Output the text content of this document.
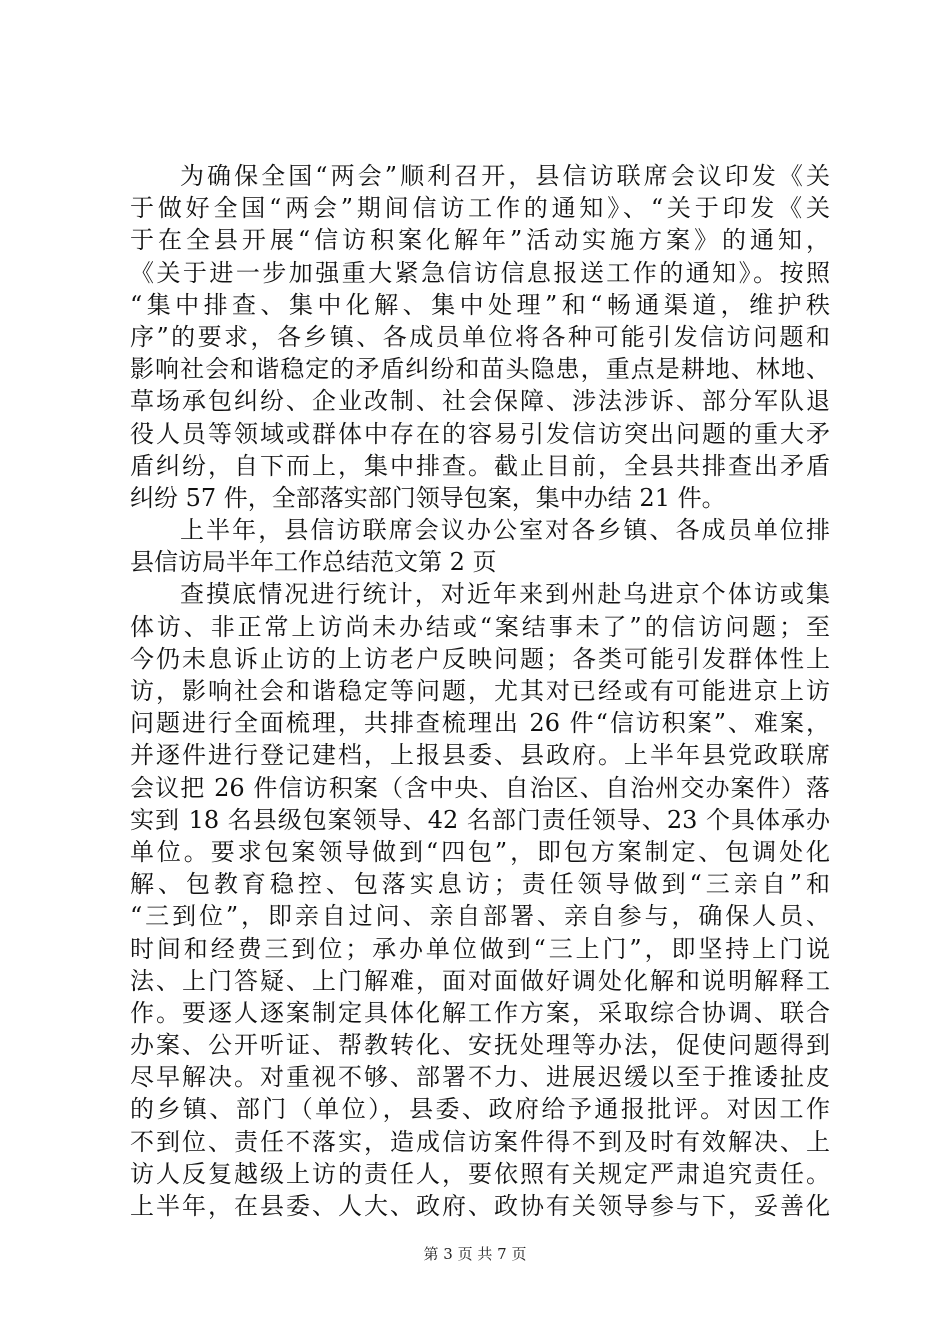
为确保全国“两会”顺利召开，县信访联席会议印发《关
于做好全国“两会”期间信访工作的通知》、“关于印发《关
于在全县开展“信访积案化解年”活动实施方案》的通知，
《关于进一步加强重大紧急信访信息报送工作的通知》。按照
“集中排查、集中化解、集中处理”和“畅通渠道，维护秩
序”的要求，各乡镇、各成员单位将各种可能引发信访问题和
影响社会和谐稳定的矛盾纠纷和苗头隐患，重点是耕地、林地、
草场承包纠纷、企业改制、社会保障、涉法涉诉、部分军队退
役人员等领域或群体中存在的容易引发信访突出问题的重大矛
盾纠纷，自下而上，集中排查。截止目前，全县共排查出矛盾
纠纷 57 件，全部落实部门领导包案，集中办结 21 件。
上半年，县信访联席会议办公室对各乡镇、各成员单位排
县信访局半年工作总结范文第 2 页
查摸底情况进行统计，对近年来到州赴乌进京个体访或集
体访、非正常上访尚未办结或“案结事未了”的信访问题；至
今仍未息诉止访的上访老户反映问题；各类可能引发群体性上
访，影响社会和谐稳定等问题，尤其对已经或有可能进京上访
问题进行全面梳理，共排查梳理出 26 件“信访积案”、难案，
并逐件进行登记建档，上报县委、县政府。上半年县党政联席
会议把 26 件信访积案（含中央、自治区、自治州交办案件）落
实到 18 名县级包案领导、42 名部门责任领导、23 个具体承办
单位。要求包案领导做到“四包”，即包方案制定、包调处化
解、包教育稳控、包落实息访；责任领导做到“三亲自”和
“三到位”，即亲自过问、亲自部署、亲自参与，确保人员、
时间和经费三到位；承办单位做到“三上门”，即坚持上门说
法、上门答疑、上门解难，面对面做好调处化解和说明解释工
作。要逐人逐案制定具体化解工作方案，采取综合协调、联合
办案、公开听证、帮教转化、安抚处理等办法，促使问题得到
尽早解决。对重视不够、部署不力、进展迟缓以至于推诿扯皮
的乡镇、部门（单位），县委、政府给予通报批评。对因工作
不到位、责任不落实，造成信访案件得不到及时有效解决、上
访人反复越级上访的责任人，要依照有关规定严肃追究责任。
上半年，在县委、人大、政府、政协有关领导参与下，妥善化
第 3 页 共 7 页
